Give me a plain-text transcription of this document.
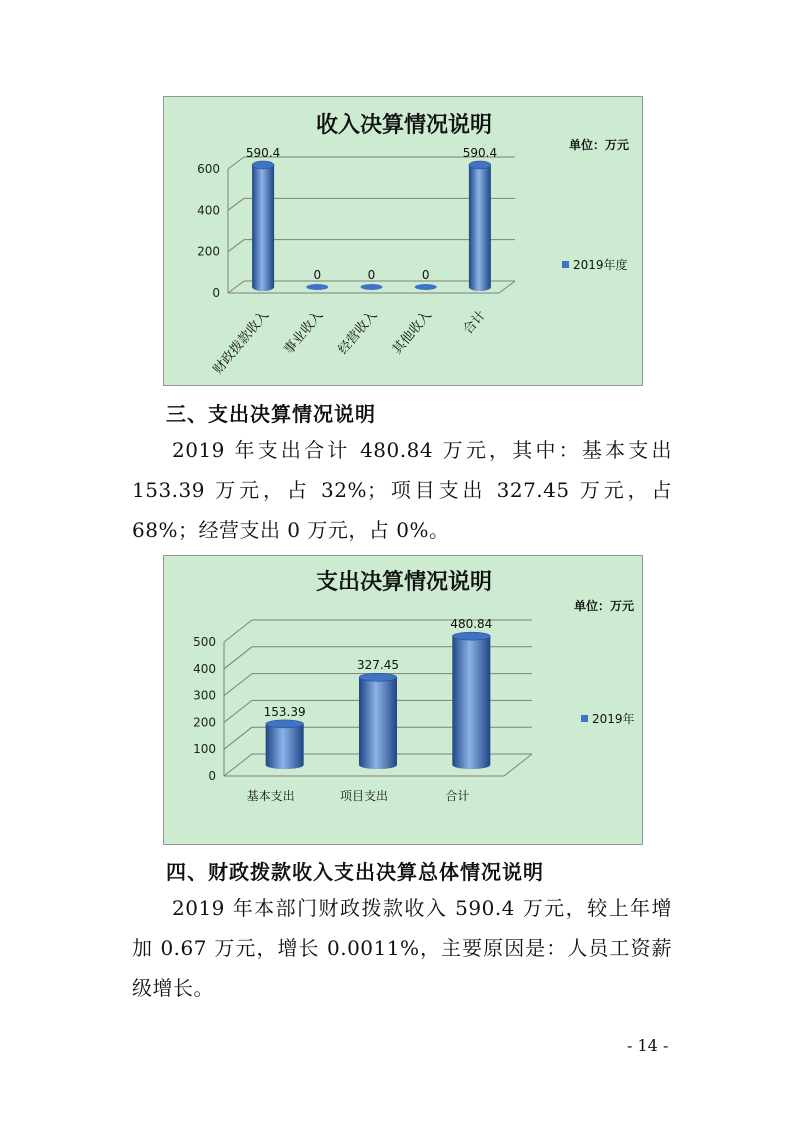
0
200
400
600
收入决算情况说明
单位：万元
590.4
财政拨款收入
0
事业收入
0
经营收入
0
其他收入
590.4
合计
2019年度
三、支出决算情况说明

2019 年支出合计 480.84 万元，其中：基本支出 153.39 万元，占 32%；项目支出 327.45 万元，占 68%；经营支出 0 万元，占 0%。

0
100
200
300
400
500
支出决算情况说明
单位：万元
153.39
基本支出
327.45
项目支出
480.84
合计
2019年
四、财政拨款收入支出决算总体情况说明

2019 年本部门财政拨款收入 590.4 万元，较上年增加 0.67 万元，增长 0.0011%，主要原因是：人员工资薪级增长。

- 14 -
